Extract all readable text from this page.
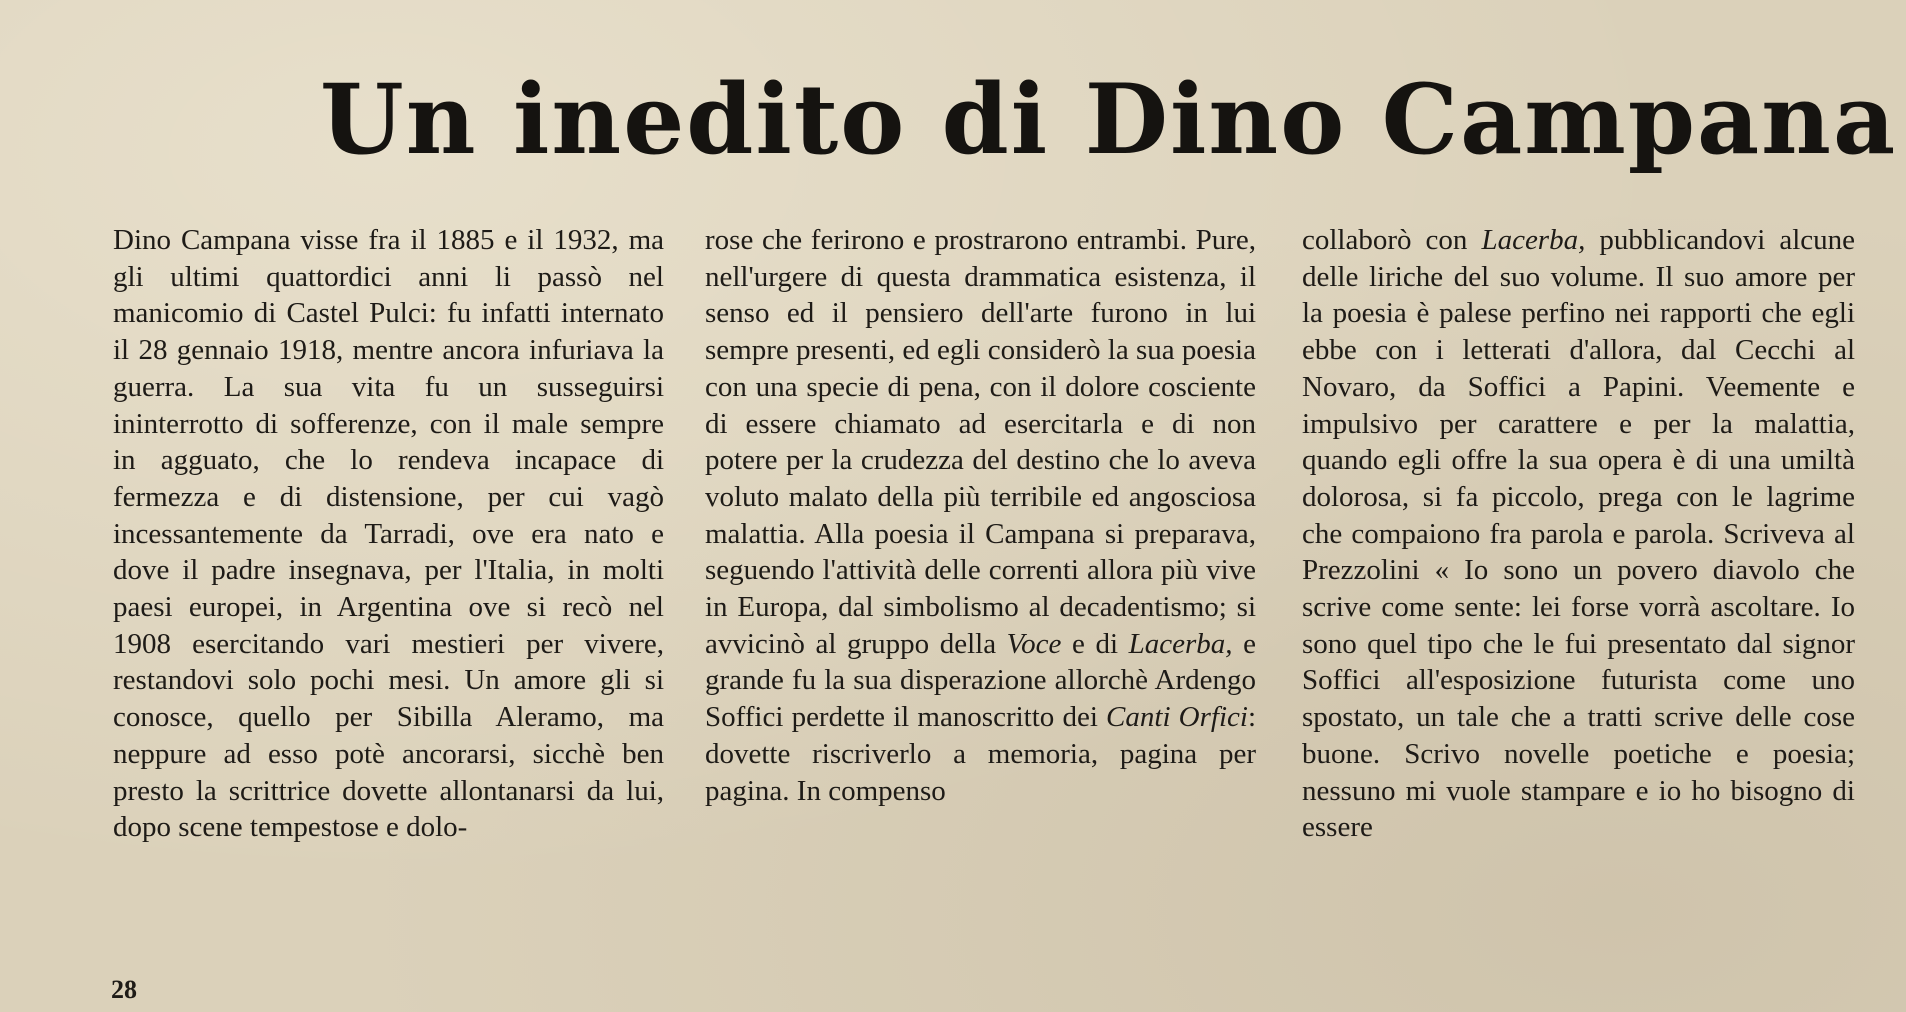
Un inedito di Dino Campana

Dino Campana visse fra il 1885 e il 1932, ma gli ultimi quattordici anni li passò nel manicomio di Castel Pulci: fu infatti internato il 28 gennaio 1918, mentre ancora infuriava la guerra. La sua vita fu un susseguirsi ininterrotto di sofferenze, con il male sempre in agguato, che lo rendeva incapace di fermezza e di distensione, per cui vagò incessantemente da Tarradi, ove era nato e dove il padre insegnava, per l'Italia, in molti paesi europei, in Argentina ove si recò nel 1908 esercitando vari mestieri per vivere, restandovi solo pochi mesi. Un amore gli si conosce, quello per Sibilla Aleramo, ma neppure ad esso potè ancorarsi, sicchè ben presto la scrittrice dovette allontanarsi da lui, dopo scene tempestose e dolo-

rose che ferirono e prostrarono entrambi. Pure, nell'urgere di questa drammatica esistenza, il senso ed il pensiero dell'arte furono in lui sempre presenti, ed egli considerò la sua poesia con una specie di pena, con il dolore cosciente di essere chiamato ad esercitarla e di non potere per la crudezza del destino che lo aveva voluto malato della più terribile ed angosciosa malattia. Alla poesia il Campana si preparava, seguendo l'attività delle correnti allora più vive in Europa, dal simbolismo al decadentismo; si avvicinò al gruppo della Voce e di Lacerba, e grande fu la sua disperazione allorchè Ardengo Soffici perdette il manoscritto dei Canti Orfici: dovette riscriverlo a memoria, pagina per pagina. In compenso

collaborò con Lacerba, pubblicandovi alcune delle liriche del suo volume. Il suo amore per la poesia è palese perfino nei rapporti che egli ebbe con i letterati d'allora, dal Cecchi al Novaro, da Soffici a Papini. Veemente e impulsivo per carattere e per la malattia, quando egli offre la sua opera è di una umiltà dolorosa, si fa piccolo, prega con le lagrime che compaiono fra parola e parola. Scriveva al Prezzolini « Io sono un povero diavolo che scrive come sente: lei forse vorrà ascoltare. Io sono quel tipo che le fui presentato dal signor Soffici all'esposizione futurista come uno spostato, un tale che a tratti scrive delle cose buone. Scrivo novelle poetiche e poesia; nessuno mi vuole stampare e io ho bisogno di essere

28
